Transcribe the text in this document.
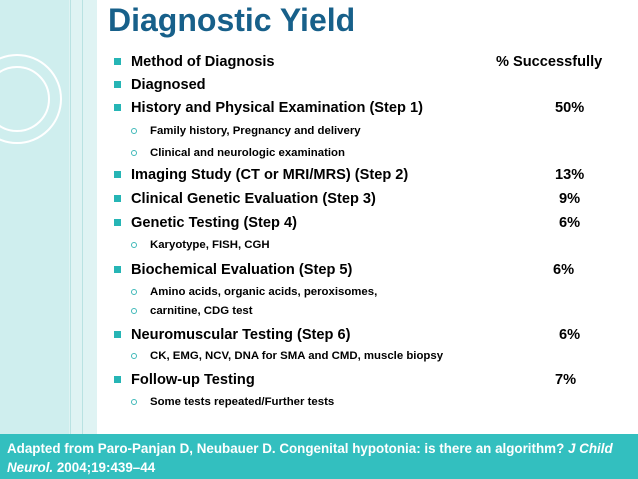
Diagnostic Yield
Method of Diagnosis	% Successfully
Diagnosed
History and Physical Examination (Step 1)	50%
Family history, Pregnancy and delivery
Clinical and neurologic examination
Imaging Study (CT or MRI/MRS) (Step 2)	13%
Clinical Genetic Evaluation (Step 3)	9%
Genetic Testing (Step 4)	6%
Karyotype, FISH, CGH
Biochemical Evaluation (Step 5)	6%
Amino acids, organic acids, peroxisomes,
carnitine, CDG test
Neuromuscular Testing (Step 6)	6%
CK, EMG, NCV, DNA for SMA and CMD, muscle biopsy
Follow-up Testing	7%
Some tests repeated/Further tests
Adapted from Paro-Panjan D, Neubauer D. Congenital hypotonia: is there an algorithm? J Child Neurol. 2004;19:439–44
